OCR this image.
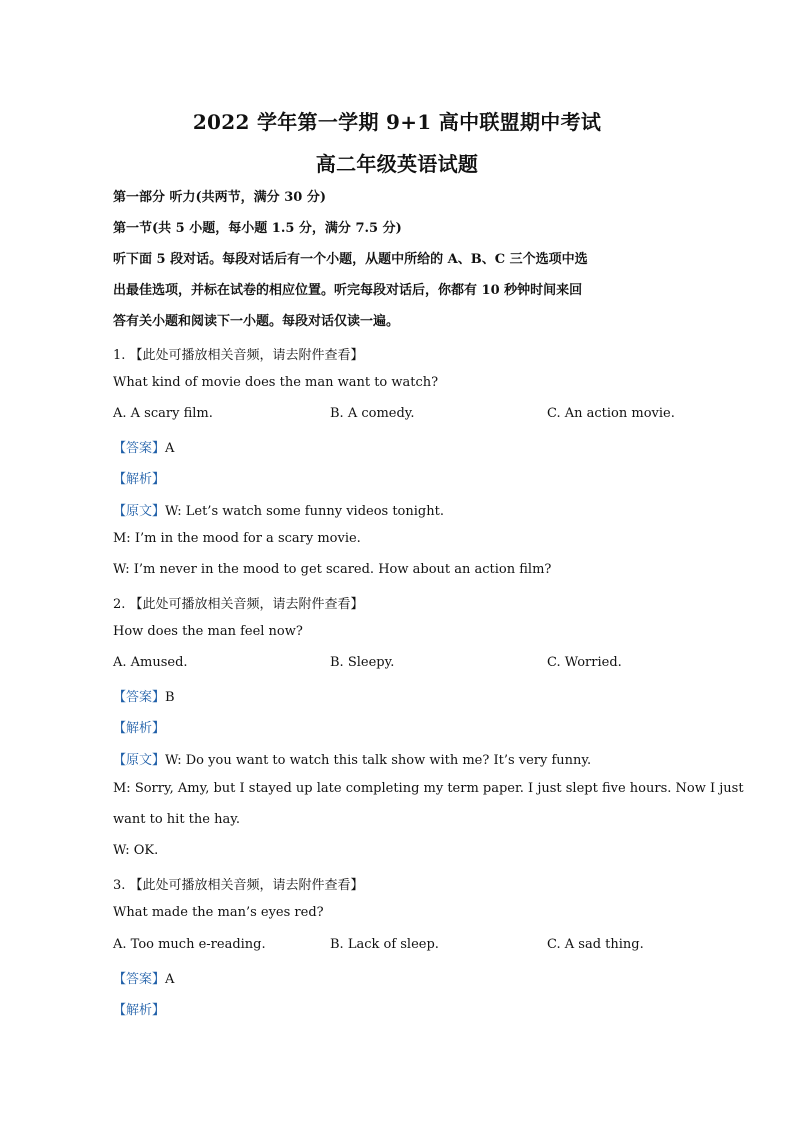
2022 学年第一学期 9+1 高中联盟期中考试
高二年级英语试题
第一部分 听力(共两节，满分 30 分)
第一节(共 5 小题，每小题 1.5 分，满分 7.5 分)
听下面 5 段对话。每段对话后有一个小题，从题中所给的 A、B、C 三个选项中选
出最佳选项，并标在试卷的相应位置。听完每段对话后，你都有 10 秒钟时间来回
答有关小题和阅读下一小题。每段对话仅读一遍。
1. 【此处可播放相关音频，请去附件查看】
What kind of movie does the man want to watch?
A. A scary film.	B. A comedy.	C. An action movie.
【答案】A
【解析】
【原文】W: Let’s watch some funny videos tonight.
M: I’m in the mood for a scary movie.
W: I’m never in the mood to get scared. How about an action film?
2. 【此处可播放相关音频，请去附件查看】
How does the man feel now?
A. Amused.	B. Sleepy.	C. Worried.
【答案】B
【解析】
【原文】W: Do you want to watch this talk show with me? It’s very funny.
M: Sorry, Amy, but I stayed up late completing my term paper. I just slept five hours. Now I just
want to hit the hay.
W: OK.
3. 【此处可播放相关音频，请去附件查看】
What made the man’s eyes red?
A. Too much e-reading.	B. Lack of sleep.	C. A sad thing.
【答案】A
【解析】
